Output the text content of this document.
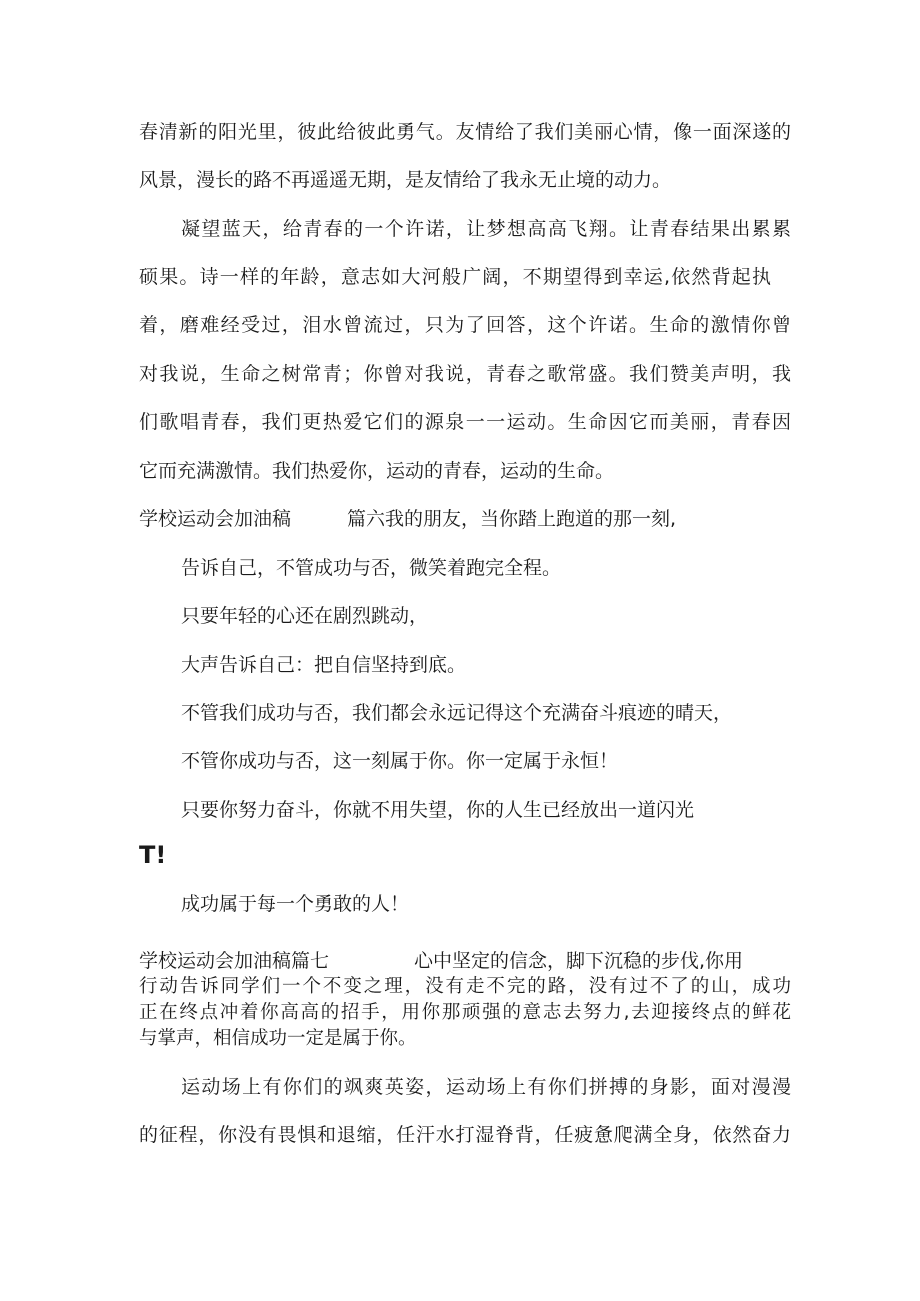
春清新的阳光里，彼此给彼此勇气。友情给了我们美丽心情，像一面深遂的

风景，漫长的路不再遥遥无期，是友情给了我永无止境的动力。

凝望蓝天，给青春的一个许诺，让梦想高高飞翔。让青春结果出累累

硕果。诗一样的年龄，意志如大河般广阔，不期望得到幸运,依然背起执

着，磨难经受过，泪水曾流过，只为了回答，这个许诺。生命的激情你曾

对我说，生命之树常青；你曾对我说，青春之歌常盛。我们赞美声明，我

们歌唱青春，我们更热爱它们的源泉一一运动。生命因它而美丽，青春因

它而充满激情。我们热爱你，运动的青春，运动的生命。

学校运动会加油稿	篇六我的朋友，当你踏上跑道的那一刻,

告诉自己，不管成功与否，微笑着跑完全程。

只要年轻的心还在剧烈跳动，

大声告诉自己：把自信坚持到底。

不管我们成功与否，我们都会永远记得这个充满奋斗痕迹的晴天，

不管你成功与否，这一刻属于你。你一定属于永恒！

只要你努力奋斗，你就不用失望，你的人生已经放出一道闪光

T!

成功属于每一个勇敢的人！

学校运动会加油稿篇七	心中坚定的信念，脚下沉稳的步伐,你用

行动告诉同学们一个不变之理，没有走不完的路，没有过不了的山，成功

正在终点冲着你高高的招手，用你那顽强的意志去努力,去迎接终点的鲜花

与掌声，相信成功一定是属于你。

运动场上有你们的飒爽英姿，运动场上有你们拼搏的身影，面对漫漫

的征程，你没有畏惧和退缩，任汗水打湿脊背，任疲惫爬满全身，依然奋力
